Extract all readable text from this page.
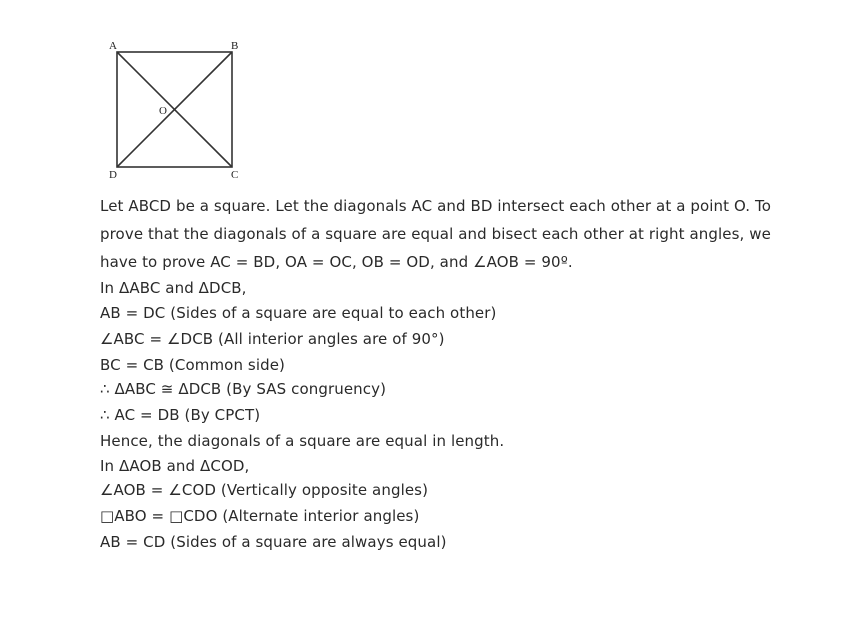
A	B
C
D
O
Let ABCD be a square. Let the diagonals AC and BD intersect each other at a point O. To prove that the diagonals of a square are equal and bisect each other at right angles, we have to prove AC = BD, OA = OC, OB = OD, and ∠AOB = 90º.
In ΔABC and ΔDCB,
AB = DC (Sides of a square are equal to each other)
∠ABC = ∠DCB (All interior angles are of 90°)
BC = CB (Common side)
∴ ΔABC ≅ ΔDCB (By SAS congruency)
∴ AC = DB (By CPCT)
Hence, the diagonals of a square are equal in length.
In ΔAOB and ΔCOD,
∠AOB = ∠COD (Vertically opposite angles)
□ABO = □CDO (Alternate interior angles)
AB = CD (Sides of a square are always equal)
